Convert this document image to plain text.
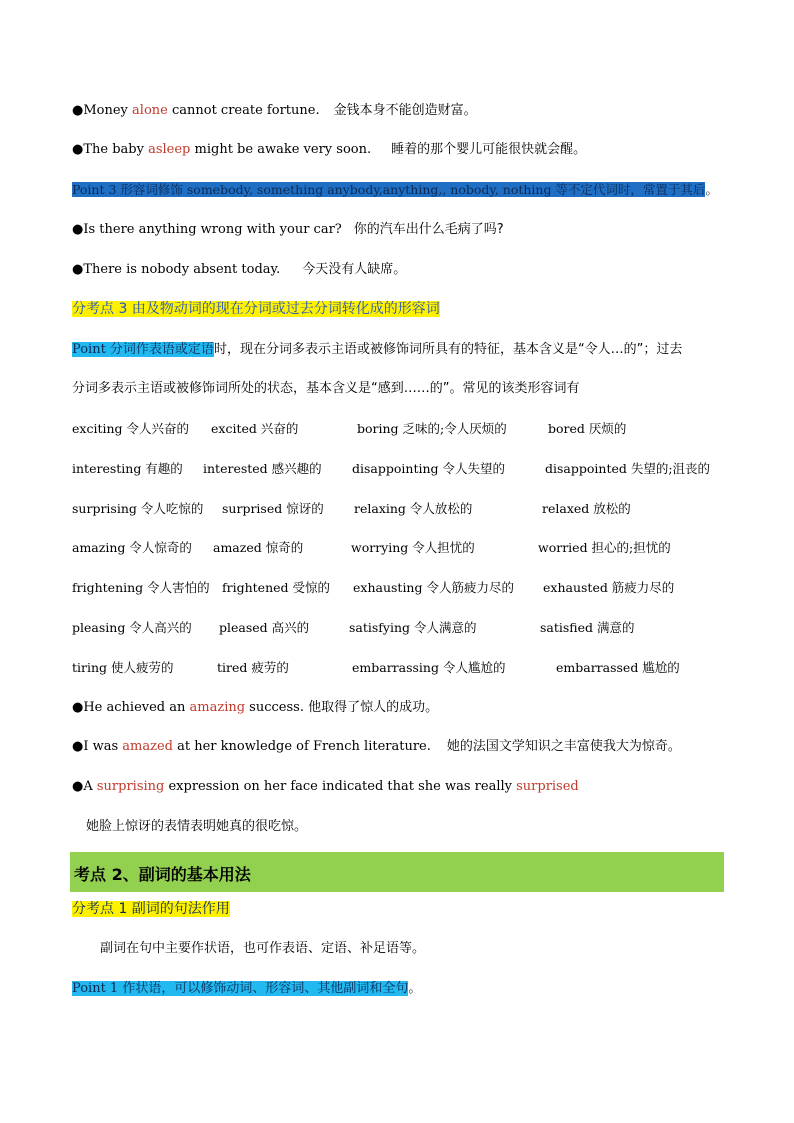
●Money alone cannot create fortune. 金钱本身不能创造财富。
●The baby asleep might be awake very soon. 睡着的那个婴儿可能很快就会醒。
Point 3 形容词修饰 somebody, something anybody,anything,, nobody, nothing 等不定代词时，常置于其后。
●Is there anything wrong with your car? 你的汽车出什么毛病了吗?
●There is nobody absent today. 今天没有人缺席。
分考点 3 由及物动词的现在分词或过去分词转化成的形容词
Point 分词作表语或定语时，现在分词多表示主语或被修饰词所具有的特征，基本含义是“令人…的”；过去
分词多表示主语或被修饰词所处的状态，基本含义是“感到……的”。常见的该类形容词有
exciting 令人兴奋的 excited 兴奋的	boring 乏味的;令人厌烦的	bored 厌烦的
interesting 有趣的 interested 感兴趣的 disappointing 令人失望的	disappointed 失望的;沮丧的
surprising 令人吃惊的 surprised 惊讶的 relaxing 令人放松的	relaxed 放松的
amazing 令人惊奇的 amazed 惊奇的	worrying 令人担忧的	worried 担心的;担忧的
frightening 令人害怕的 frightened 受惊的 exhausting 令人筋疲力尽的 exhausted 筋疲力尽的
pleasing 令人高兴的 pleased 高兴的	satisfying 令人满意的	satisfied 满意的
tiring 使人疲劳的	tired 疲劳的	embarrassing 令人尴尬的	embarrassed 尴尬的
●He achieved an amazing success. 他取得了惊人的成功。
●I was amazed at her knowledge of French literature. 她的法国文学知识之丰富使我大为惊奇。
●A surprising expression on her face indicated that she was really surprised
她脸上惊讶的表情表明她真的很吃惊。
考点 2、副词的基本用法
分考点 1 副词的句法作用
副词在句中主要作状语，也可作表语、定语、补足语等。
Point 1 作状语，可以修饰动词、形容词、其他副词和全句。
